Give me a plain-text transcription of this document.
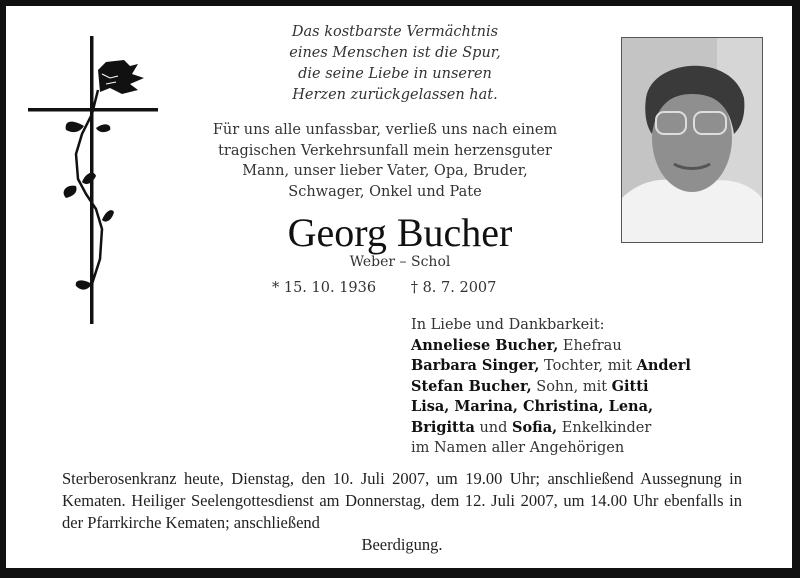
Das kostbarste Vermächtnis
eines Menschen ist die Spur,
die seine Liebe in unseren
Herzen zurückgelassen hat.
Für uns alle unfassbar, verließ uns nach einem
tragischen Verkehrsunfall mein herzensguter
Mann, unser lieber Vater, Opa, Bruder,
Schwager, Onkel und Pate
Georg Bucher
Weber – Schol
* 15. 10. 1936 † 8. 7. 2007
In Liebe und Dankbarkeit:
Anneliese Bucher, Ehefrau
Barbara Singer, Tochter, mit Anderl
Stefan Bucher, Sohn, mit Gitti
Lisa, Marina, Christina, Lena,
Brigitta und Sofia, Enkelkinder
im Namen aller Angehörigen
Sterberosenkranz heute, Dienstag, den 10. Juli 2007, um 19.00 Uhr; anschließend Aussegnung in Kematen. Heiliger Seelengottesdienst am Donnerstag, dem 12. Juli 2007, um 14.00 Uhr ebenfalls in der Pfarrkirche Kematen; anschließend
Beerdigung.
